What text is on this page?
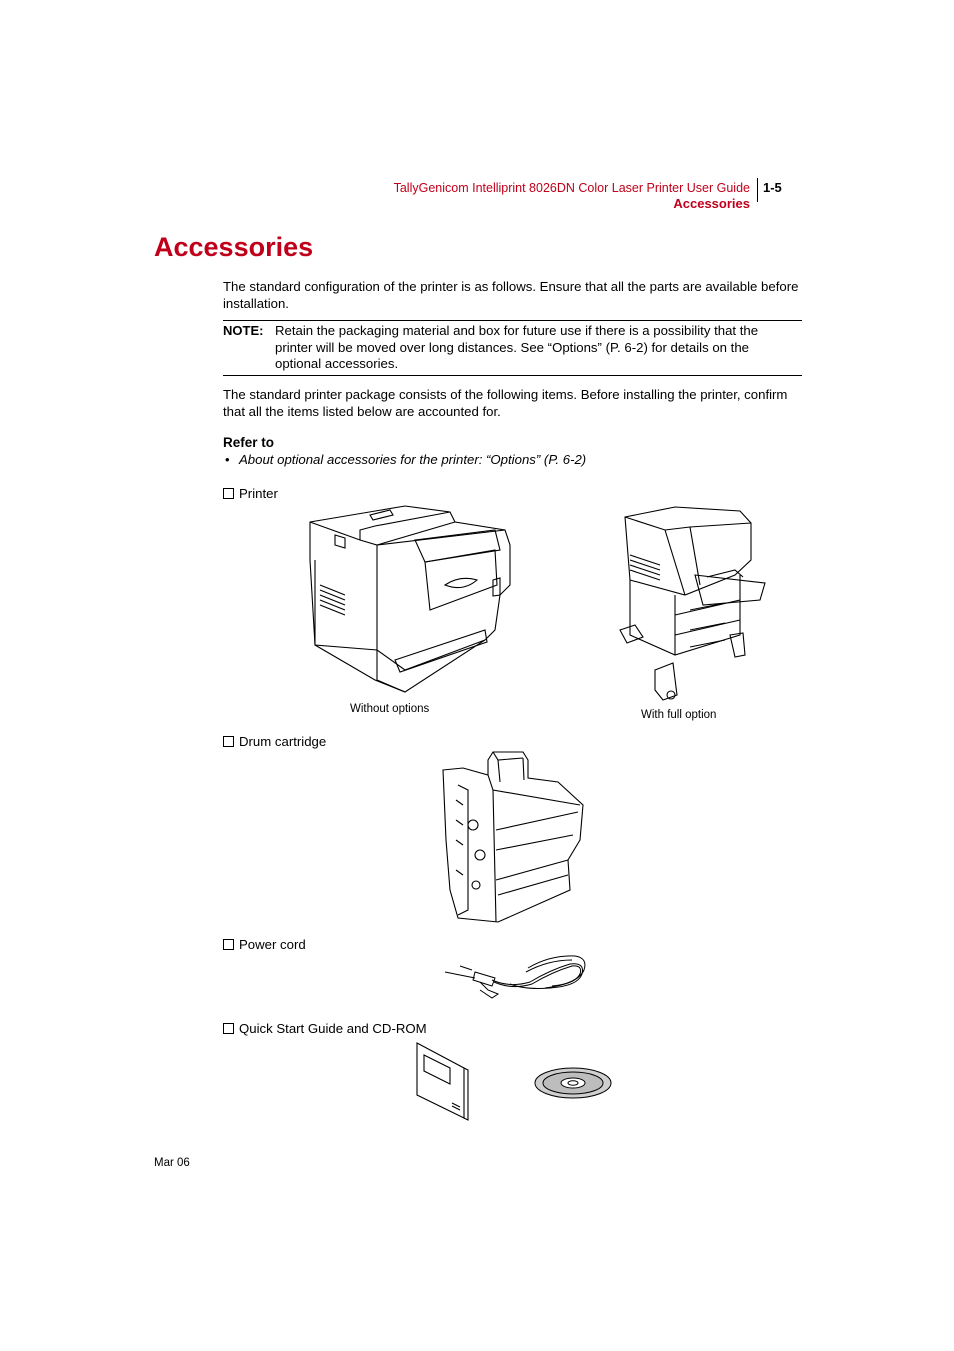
TallyGenicom Intelliprint 8026DN Color Laser Printer User Guide
Accessories
1-5
Accessories
The standard configuration of the printer is as follows. Ensure that all the parts are available before installation.
NOTE: Retain the packaging material and box for future use if there is a possibility that the printer will be moved over long distances. See “Options” (P. 6-2) for details on the optional accessories.
The standard printer package consists of the following items. Before installing the printer, confirm that all the items listed below are accounted for.
Refer to
• About optional accessories for the printer: “Options” (P. 6-2)
Printer
Without options	With full option
Drum cartridge
Power cord
Quick Start Guide and CD-ROM
Mar 06
